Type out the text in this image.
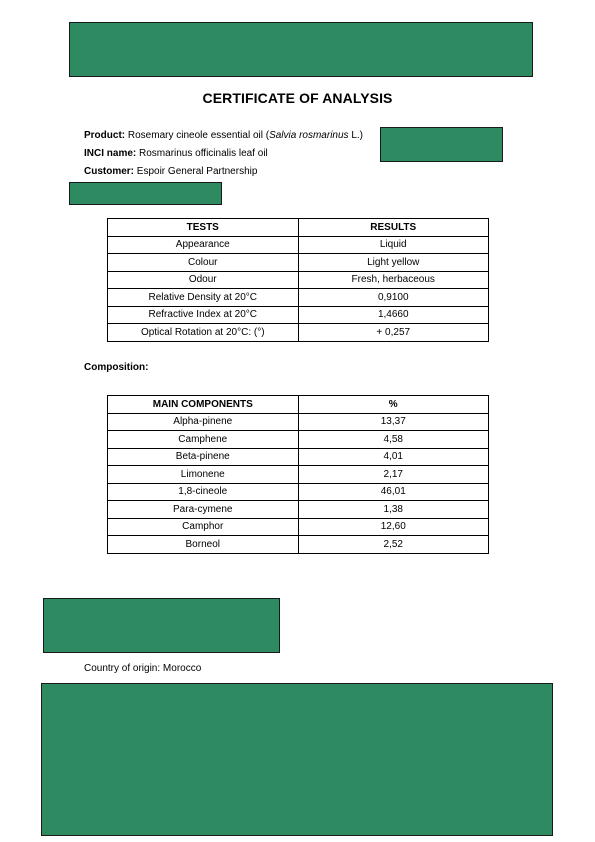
CERTIFICATE OF ANALYSIS
Product: Rosemary cineole essential oil (Salvia rosmarinus L.)
INCI name: Rosmarinus officinalis leaf oil
Customer: Espoir General Partnership
TESTS	RESULTS
Appearance	Liquid
Colour	Light yellow
Odour	Fresh, herbaceous
Relative Density at 20°C	0,9100
Refractive Index at 20°C	1,4660
Optical Rotation at 20°C: (°)	+ 0,257
Composition:
MAIN COMPONENTS	%
Alpha-pinene	13,37
Camphene	4,58
Beta-pinene	4,01
Limonene	2,17
1,8-cineole	46,01
Para-cymene	1,38
Camphor	12,60
Borneol	2,52
Country of origin: Morocco
